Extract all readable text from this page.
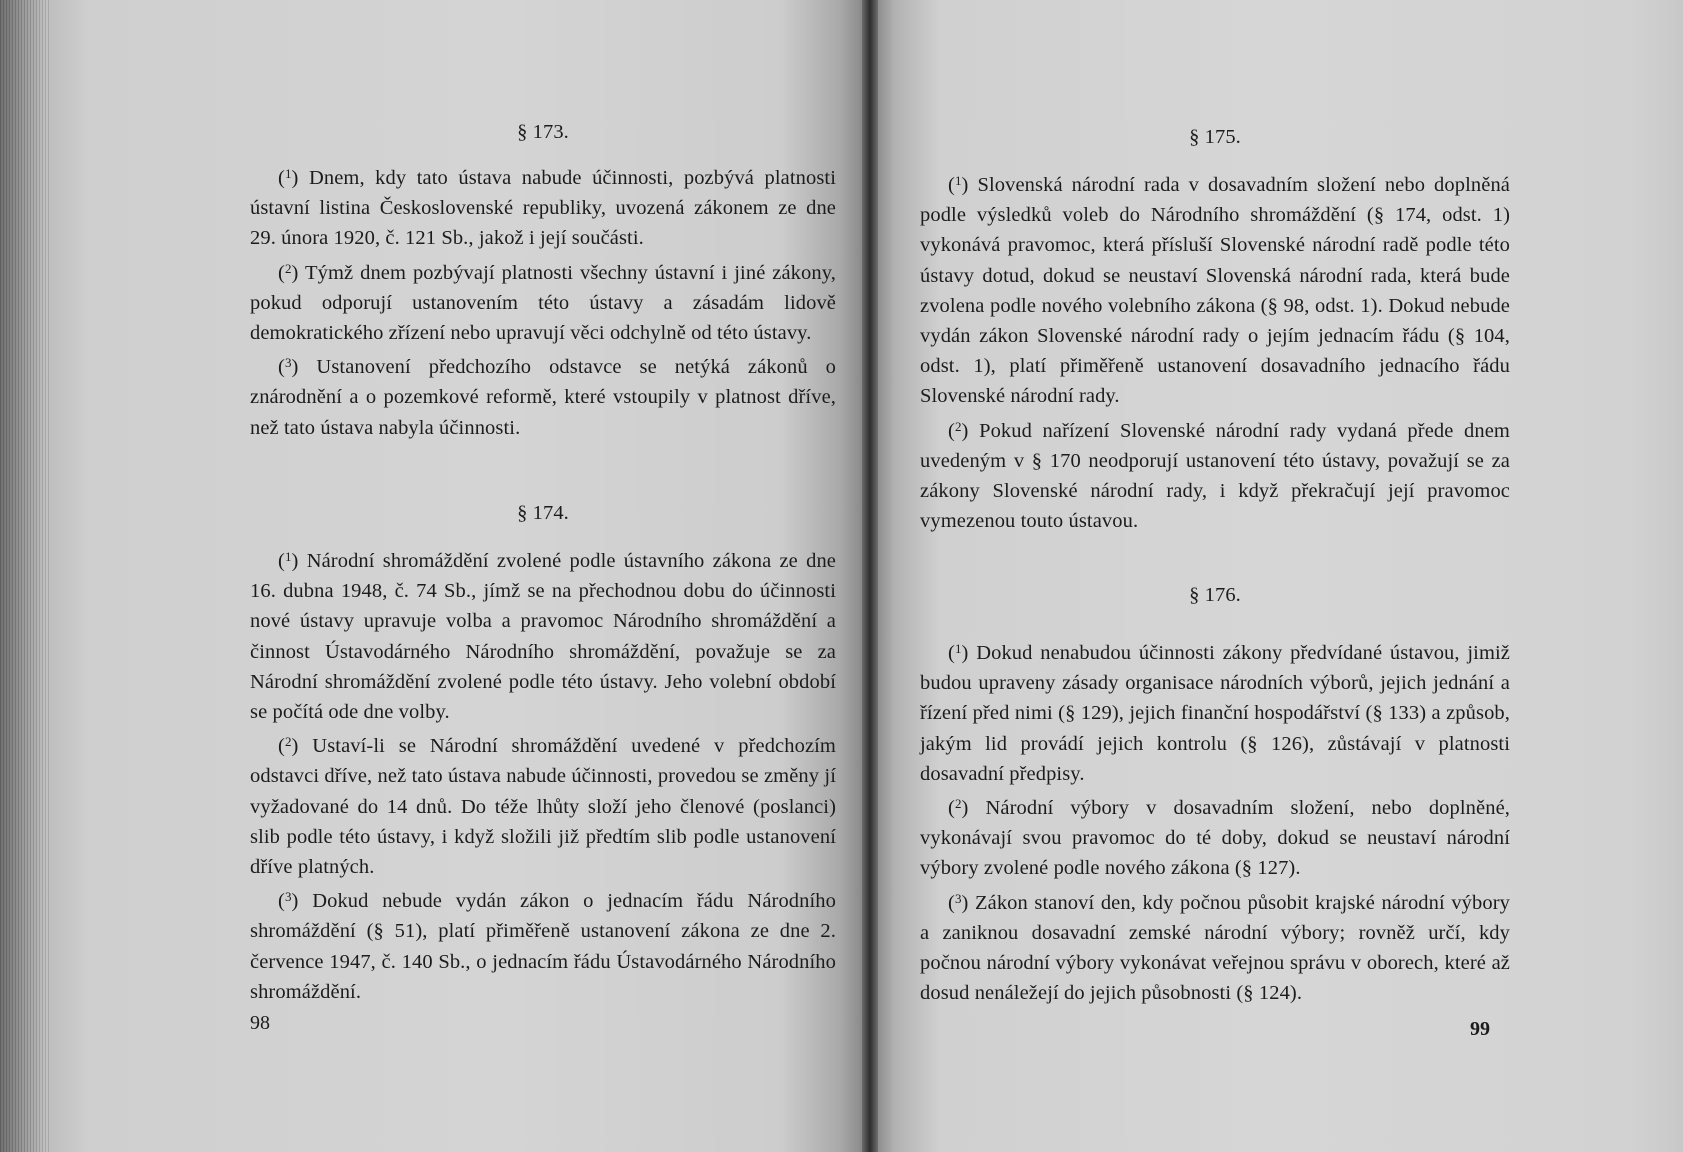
§ 173.

($^1$) Dnem, kdy tato ústava nabude účinnosti, pozbývá platnosti ústavní listina Československé republiky, uvozená zákonem ze dne 29. února 1920, č. 121 Sb., jakož i její součásti.

($^2$) Týmž dnem pozbývají platnosti všechny ústavní i jiné zákony, pokud odporují ustanovením této ústavy a zásadám lidově demokratického zřízení nebo upravují věci odchylně od této ústavy.

($^3$) Ustanovení předchozího odstavce se netýká zákonů o znárodnění a o pozemkové reformě, které vstoupily v platnost dříve, než tato ústava nabyla účinnosti.

§ 174.

($^1$) Národní shromáždění zvolené podle ústavního zákona ze dne 16. dubna 1948, č. 74 Sb., jímž se na přechodnou dobu do účinnosti nové ústavy upravuje volba a pravomoc Národního shromáždění a činnost Ústavodárného Národního shromáždění, považuje se za Národní shromáždění zvolené podle této ústavy. Jeho volební období se počítá ode dne volby.

($^2$) Ustaví-li se Národní shromáždění uvedené v předchozím odstavci dříve, než tato ústava nabude účinnosti, provedou se změny jí vyžadované do 14 dnů. Do téže lhůty složí jeho členové (poslanci) slib podle této ústavy, i když složili již předtím slib podle ustanovení dříve platných.

($^3$) Dokud nebude vydán zákon o jednacím řádu Národního shromáždění (§ 51), platí přiměřeně ustanovení zákona ze dne 2. července 1947, č. 140 Sb., o jednacím řádu Ústavodárného Národního shromáždění.

98

§ 175.

($^1$) Slovenská národní rada v dosavadním složení nebo doplněná podle výsledků voleb do Národního shromáždění (§ 174, odst. 1) vykonává pravomoc, která přísluší Slovenské národní radě podle této ústavy dotud, dokud se neustaví Slovenská národní rada, která bude zvolena podle nového volebního zákona (§ 98, odst. 1). Dokud nebude vydán zákon Slovenské národní rady o jejím jednacím řádu (§ 104, odst. 1), platí přiměřeně ustanovení dosavadního jednacího řádu Slovenské národní rady.

($^2$) Pokud nařízení Slovenské národní rady vydaná přede dnem uvedeným v § 170 neodporují ustanovení této ústavy, považují se za zákony Slovenské národní rady, i když překračují její pravomoc vymezenou touto ústavou.

§ 176.

($^1$) Dokud nenabudou účinnosti zákony předvídané ústavou, jimiž budou upraveny zásady organisace národních výborů, jejich jednání a řízení před nimi (§ 129), jejich finanční hospodářství (§ 133) a způsob, jakým lid provádí jejich kontrolu (§ 126), zůstávají v platnosti dosavadní předpisy.

($^2$) Národní výbory v dosavadním složení, nebo doplněné, vykonávají svou pravomoc do té doby, dokud se neustaví národní výbory zvolené podle nového zákona (§ 127).

($^3$) Zákon stanoví den, kdy počnou působit krajské národní výbory a zaniknou dosavadní zemské národní výbory; rovněž určí, kdy počnou národní výbory vykonávat veřejnou správu v oborech, které až dosud nenáležejí do jejich působnosti (§ 124).

99
